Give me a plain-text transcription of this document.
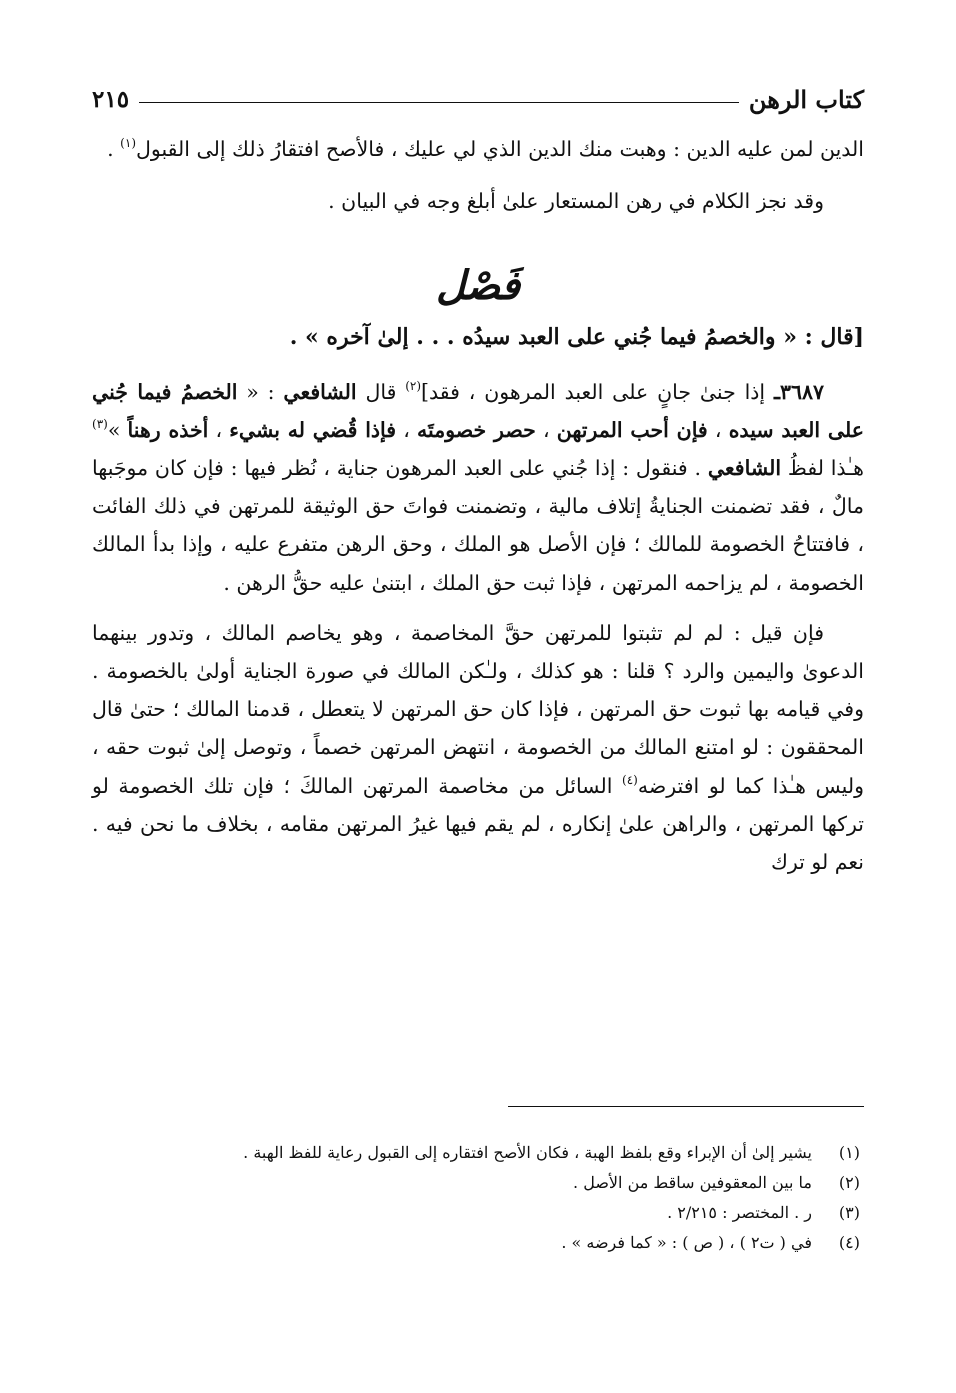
كتاب الرهن
٢١٥

الدين لمن عليه الدين : وهبت منك الدين الذي لي عليك ، فالأصح افتقارُ ذلك إلى القبول$^{(١)}$ .

وقد نجز الكلام في رهن المستعار علىٰ أبلغ وجه في البيان .

فَصْل

[قال : « والخصمُ فيما جُني على العبد سيدُه . . . إلىٰ آخره » .

٣٦٨٧ـ إذا جنىٰ جانٍ على العبد المرهون ، فقد]$^{(٢)}$ قال الشافعي : « الخصمُ فيما جُني على العبد سيده ، فإن أحب المرتهن ، حصر خصومتَه ، فإذا قُضي له بشيء ، أخذه رهناً »$^{(٣)}$ هـٰذا لفظُ الشافعي . فنقول : إذا جُني على العبد المرهون جناية ، نُظر فيها : فإن كان موجَبها مالٌ ، فقد تضمنت الجنايةُ إتلاف مالية ، وتضمنت فواتَ حق الوثيقة للمرتهن في ذلك الفائت ، فافتتاحُ الخصومة للمالك ؛ فإن الأصل هو الملك ، وحق الرهن متفرع عليه ، وإذا بدأ المالك الخصومة ، لم يزاحمه المرتهن ، فإذا ثبت حق الملك ، ابتنىٰ عليه حقُّ الرهن .

فإن قيل : لم لم تثبتوا للمرتهن حقَّ المخاصمة ، وهو يخاصم المالك ، وتدور بينهما الدعوىٰ واليمين والرد ؟ قلنا : هو كذلك ، ولـٰكن المالك في صورة الجناية أولىٰ بالخصومة . وفي قيامه بها ثبوت حق المرتهن ، فإذا كان حق المرتهن لا يتعطل ، قدمنا المالك ؛ حتىٰ قال المحققون : لو امتنع المالك من الخصومة ، انتهض المرتهن خصماً ، وتوصل إلىٰ ثبوت حقه ، وليس هـٰذا كما لو افترضه$^{(٤)}$ السائل من مخاصمة المرتهن المالكَ ؛ فإن تلك الخصومة لو تركها المرتهن ، والراهن علىٰ إنكاره ، لم يقم فيها غيرُ المرتهن مقامه ، بخلاف ما نحن فيه . نعم لو ترك

(١)
يشير إلىٰ أن الإبراء وقع بلفظ الهبة ، فكان الأصح افتقاره إلى القبول رعاية للفظ الهبة .
(٢)
ما بين المعقوفين ساقط من الأصل .
(٣)
ر . المختصر : ٢/٢١٥ .
(٤)
في ( ت٢ ) ، ( ص ) : « كما فرضه » .
